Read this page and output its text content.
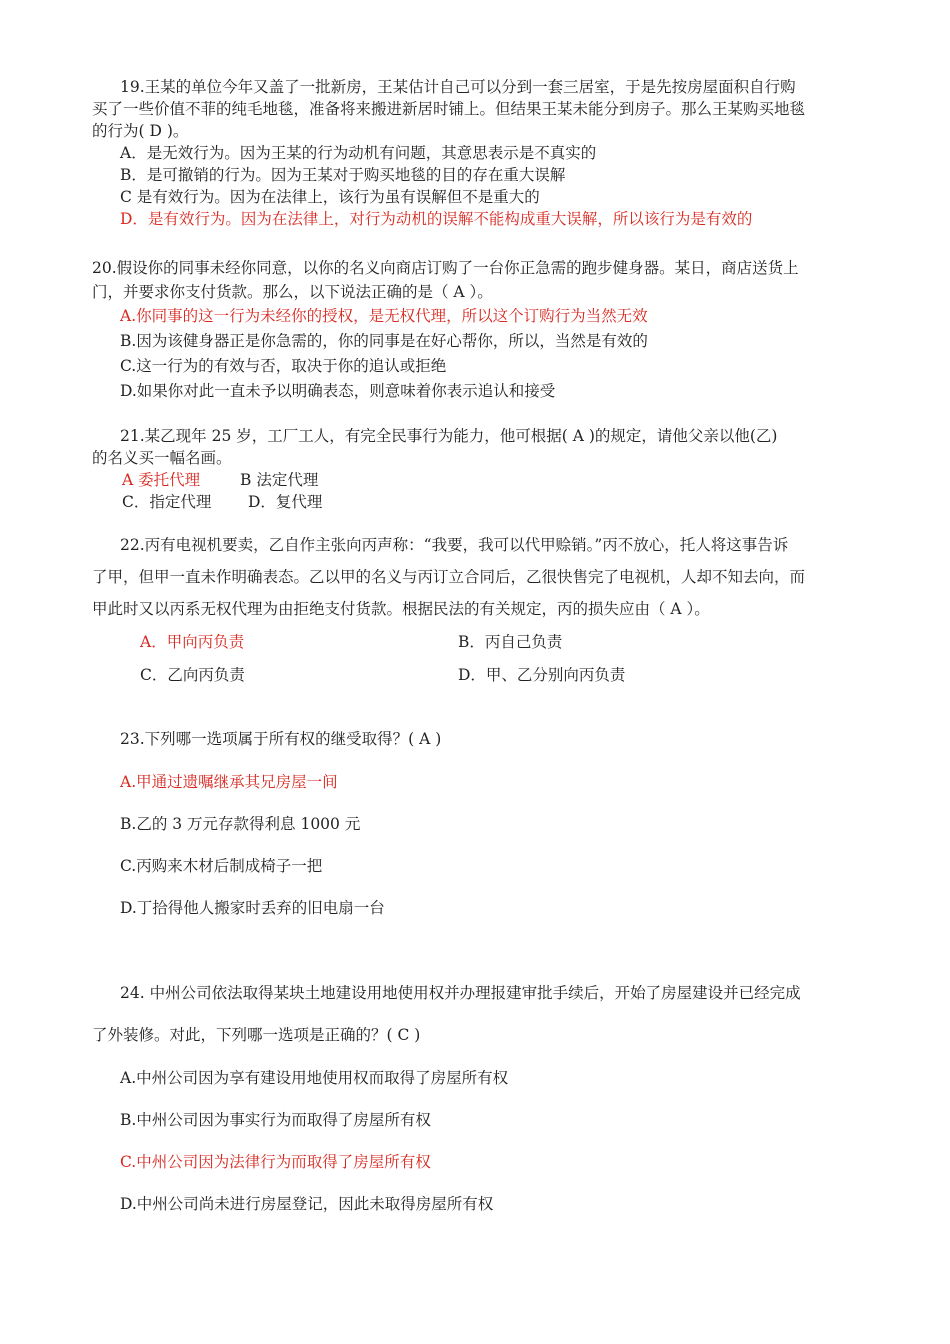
19.王某的单位今年又盖了一批新房，王某估计自己可以分到一套三居室，于是先按房屋面积自行购
买了一些价值不菲的纯毛地毯，准备将来搬进新居时铺上。但结果王某未能分到房子。那么王某购买地毯
的行为( D )。
A．是无效行为。因为王某的行为动机有问题，其意思表示是不真实的
B．是可撤销的行为。因为王某对于购买地毯的目的存在重大误解
C 是有效行为。因为在法律上，该行为虽有误解但不是重大的
D．是有效行为。因为在法律上，对行为动机的误解不能构成重大误解，所以该行为是有效的
20.假设你的同事未经你同意，以你的名义向商店订购了一台你正急需的跑步健身器。某日，商店送货上
门，并要求你支付货款。那么，以下说法正确的是（ A ）。
A.你同事的这一行为未经你的授权，是无权代理，所以这个订购行为当然无效
B.因为该健身器正是你急需的，你的同事是在好心帮你，所以，当然是有效的
C.这一行为的有效与否，取决于你的追认或拒绝
D.如果你对此一直未予以明确表态，则意味着你表示追认和接受
21.某乙现年 25 岁，工厂工人，有完全民事行为能力，他可根据( A )的规定，请他父亲以他(乙)
的名义买一幅名画。
A 委托代理	B 法定代理
C．指定代理 D．复代理
22.丙有电视机要卖，乙自作主张向丙声称：“我要，我可以代甲赊销。”丙不放心，托人将这事告诉
了甲，但甲一直未作明确表态。乙以甲的名义与丙订立合同后，乙很快售完了电视机，人却不知去向，而
甲此时又以丙系无权代理为由拒绝支付货款。根据民法的有关规定，丙的损失应由（ A ）。
A．甲向丙负责	B．丙自己负责
C．乙向丙负责	D．甲、乙分别向丙负责
23.下列哪一选项属于所有权的继受取得？( A )
A.甲通过遗嘱继承其兄房屋一间
B.乙的 3 万元存款得利息 1000 元
C.丙购来木材后制成椅子一把
D.丁拾得他人搬家时丢弃的旧电扇一台
24. 中州公司依法取得某块土地建设用地使用权并办理报建审批手续后，开始了房屋建设并已经完成
了外装修。对此，下列哪一选项是正确的？( C )
A.中州公司因为享有建设用地使用权而取得了房屋所有权
B.中州公司因为事实行为而取得了房屋所有权
C.中州公司因为法律行为而取得了房屋所有权
D.中州公司尚未进行房屋登记，因此未取得房屋所有权
